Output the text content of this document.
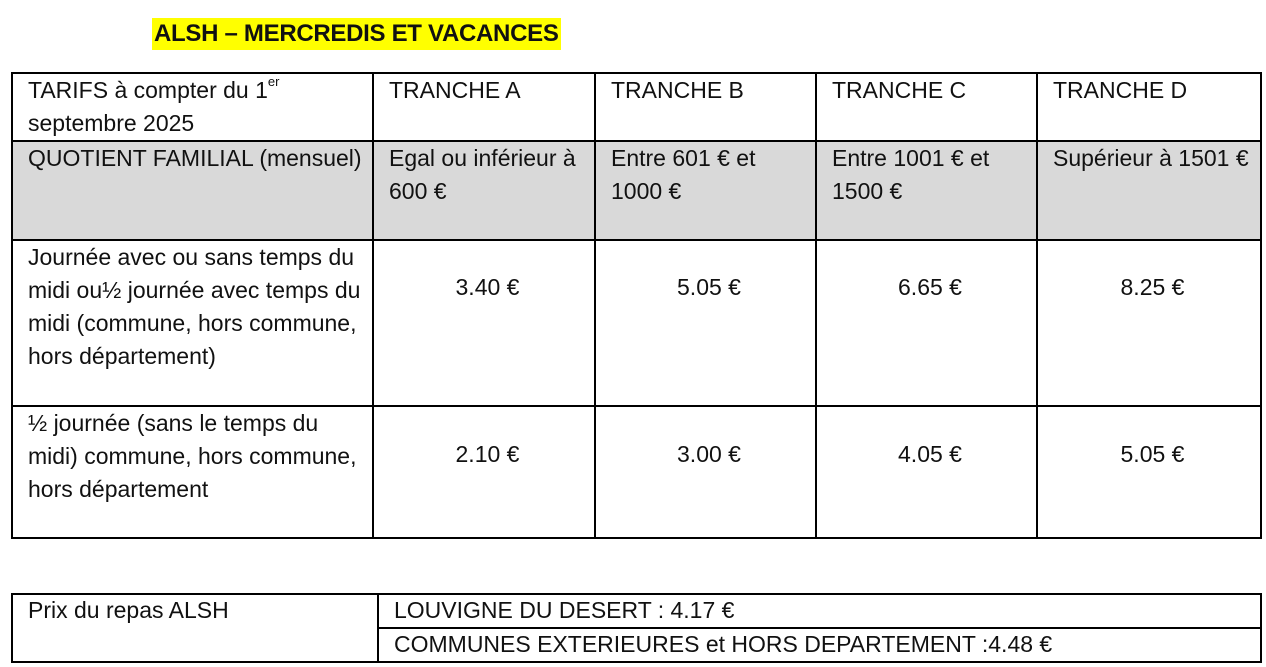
ALSH – MERCREDIS ET VACANCES
TARIFS à compter du 1er septembre 2025	TRANCHE A	TRANCHE B	TRANCHE C	TRANCHE D
QUOTIENT FAMILIAL (mensuel)	Egal ou inférieur à 600 €	Entre 601 € et 1000 €	Entre 1001 € et 1500 €	Supérieur à 1501 €
Journée avec ou sans temps du midi ou½ journée avec temps du midi (commune, hors commune, hors département)	3.40 €	5.05 €	6.65 €	8.25 €
½ journée (sans le temps du midi) commune, hors commune, hors département	2.10 €	3.00 €	4.05 €	5.05 €
Prix du repas ALSH	LOUVIGNE DU DESERT : 4.17 €
COMMUNES EXTERIEURES et HORS DEPARTEMENT :4.48 €
